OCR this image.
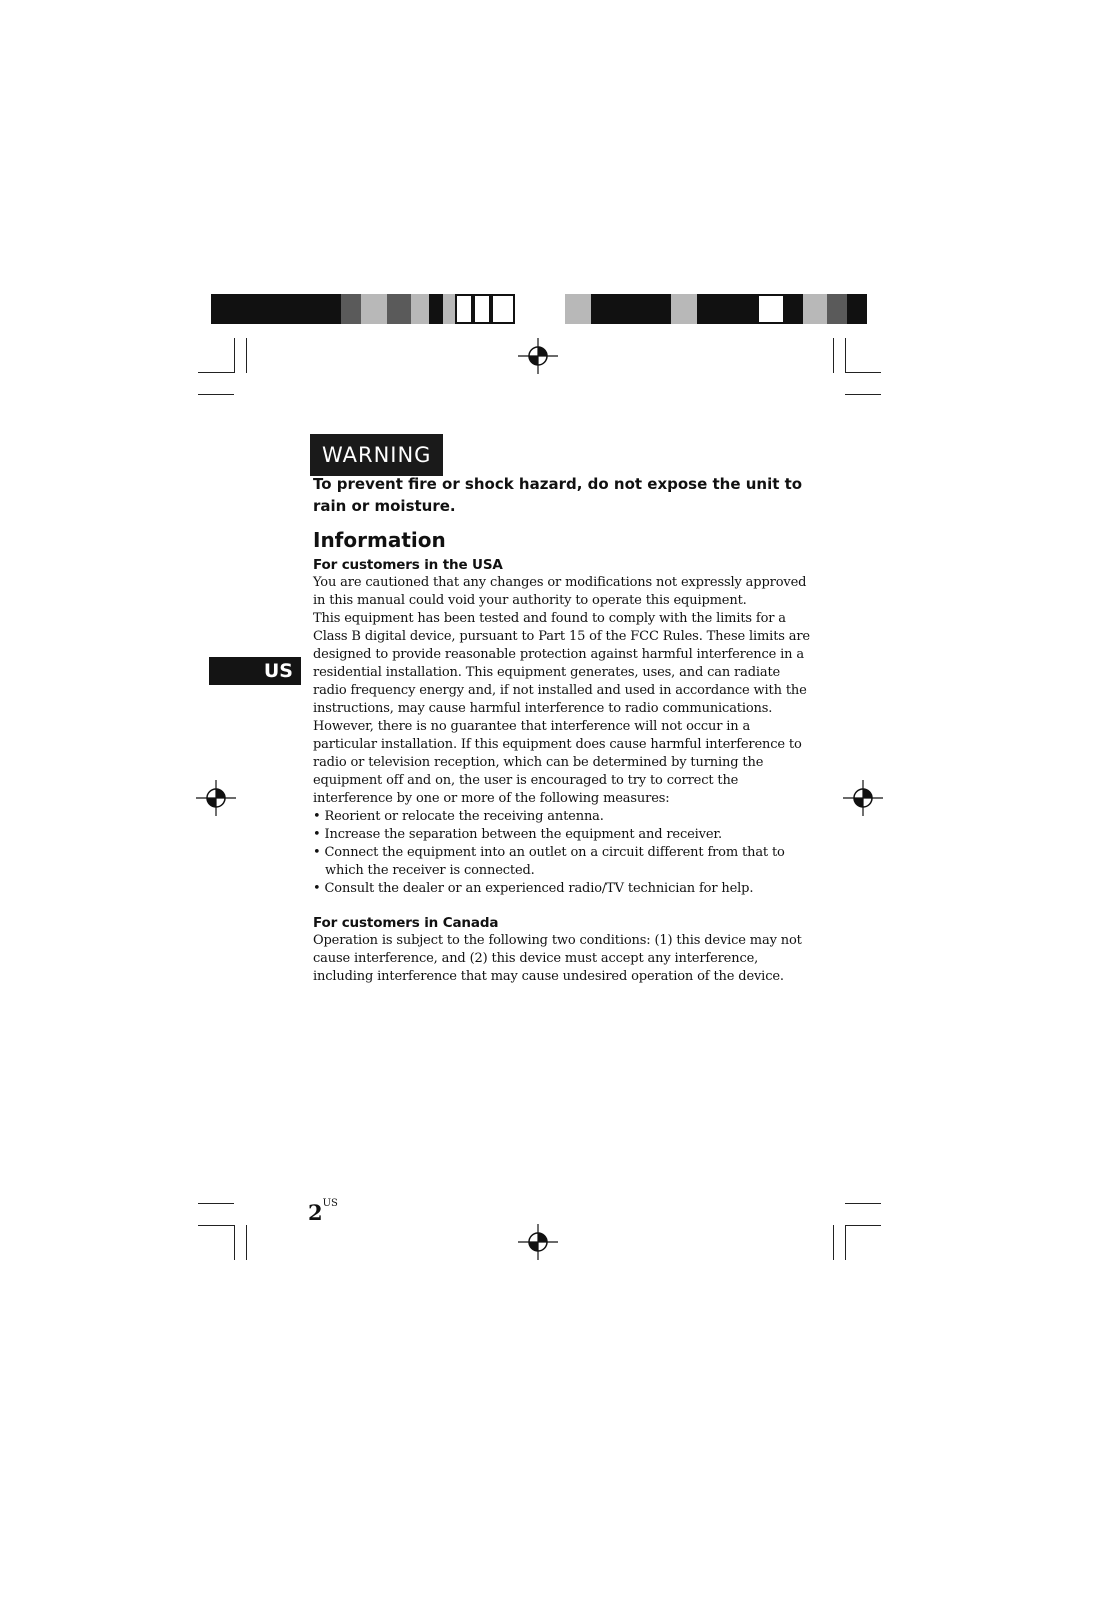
WARNING
To prevent fire or shock hazard, do not expose the unit to rain or moisture.
Information

For customers in the USA

You are cautioned that any changes or modifications not expressly approved in this manual could void your authority to operate this equipment.

This equipment has been tested and found to comply with the limits for a Class B digital device, pursuant to Part 15 of the FCC Rules. These limits are designed to provide reasonable protection against harmful interference in a residential installation. This equipment generates, uses, and can radiate radio frequency energy and, if not installed and used in accordance with the instructions, may cause harmful interference to radio communications. However, there is no guarantee that interference will not occur in a particular installation. If this equipment does cause harmful interference to radio or television reception, which can be determined by turning the equipment off and on, the user is encouraged to try to correct the interference by one or more of the following measures:

• Reorient or relocate the receiving antenna.
• Increase the separation between the equipment and receiver.
• Connect the equipment into an outlet on a circuit different from that to which the receiver is connected.
• Consult the dealer or an experienced radio/TV technician for help.

For customers in Canada

Operation is subject to the following two conditions: (1) this device may not cause interference, and (2) this device must accept any interference, including interference that may cause undesired operation of the device.

US
$2^{US}$
